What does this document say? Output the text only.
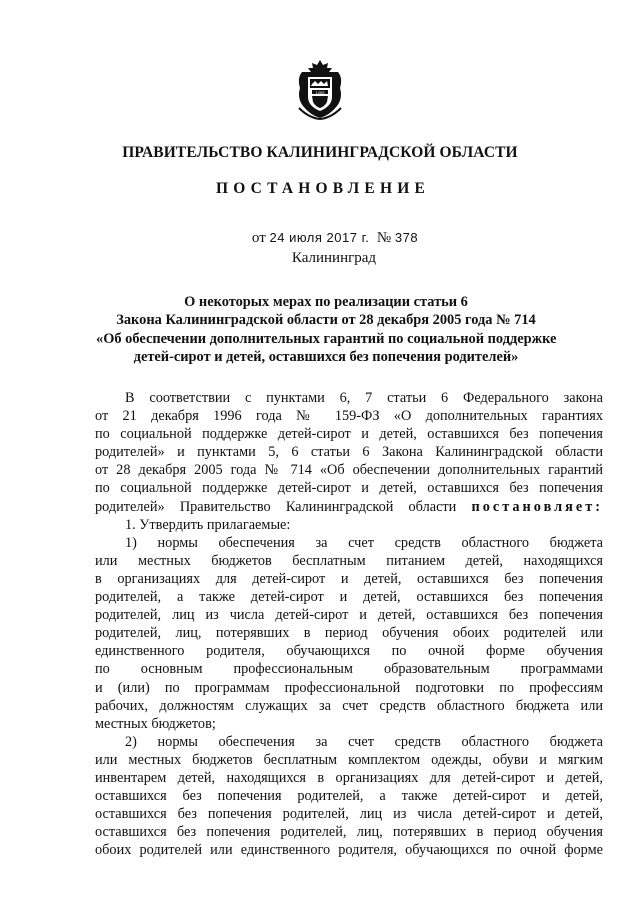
1255
ПРАВИТЕЛЬСТВО КАЛИНИНГРАДСКОЙ ОБЛАСТИ
ПОСТАНОВЛЕНИЕ
от 24 июля 2017 г. № 378
Калининград
О некоторых мерах по реализации статьи 6
Закона Калининградской области от 28 декабря 2005 года № 714
«Об обеспечении дополнительных гарантий по социальной поддержке
детей-сирот и детей, оставшихся без попечения родителей»
В соответствии с пунктами 6, 7 статьи 6 Федерального закона
от 21 декабря 1996 года № 159-ФЗ «О дополнительных гарантиях
по социальной поддержке детей-сирот и детей, оставшихся без попечения
родителей» и пунктами 5, 6 статьи 6 Закона Калининградской области
от 28 декабря 2005 года № 714 «Об обеспечении дополнительных гарантий
по социальной поддержке детей-сирот и детей, оставшихся без попечения
родителей» Правительство Калининградской области постановляет:
1. Утвердить прилагаемые:
1) нормы обеспечения за счет средств областного бюджета
или местных бюджетов бесплатным питанием детей, находящихся
в организациях для детей-сирот и детей, оставшихся без попечения
родителей, а также детей-сирот и детей, оставшихся без попечения
родителей, лиц из числа детей-сирот и детей, оставшихся без попечения
родителей, лиц, потерявших в период обучения обоих родителей или
единственного родителя, обучающихся по очной форме обучения
по основным профессиональным образовательным программами
и (или) по программам профессиональной подготовки по профессиям
рабочих, должностям служащих за счет средств областного бюджета или
местных бюджетов;
2) нормы обеспечения за счет средств областного бюджета
или местных бюджетов бесплатным комплектом одежды, обуви и мягким
инвентарем детей, находящихся в организациях для детей-сирот и детей,
оставшихся без попечения родителей, а также детей-сирот и детей,
оставшихся без попечения родителей, лиц из числа детей-сирот и детей,
оставшихся без попечения родителей, лиц, потерявших в период обучения
обоих родителей или единственного родителя, обучающихся по очной форме
